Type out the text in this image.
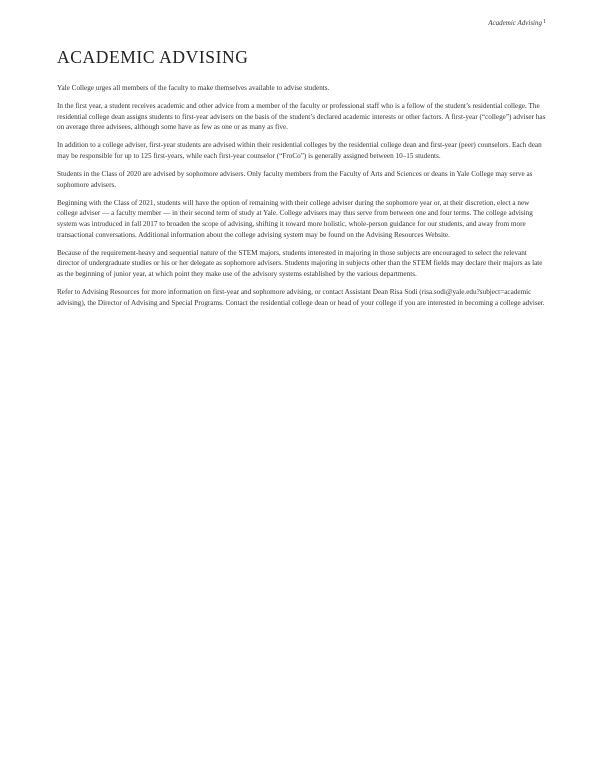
Academic Advising 1
ACADEMIC ADVISING

Yale College urges all members of the faculty to make themselves available to advise students.

In the first year, a student receives academic and other advice from a member of the faculty or professional staff who is a fellow of the student’s residential college. The residential college dean assigns students to first-year advisers on the basis of the student’s declared academic interests or other factors. A first-year (“college”) adviser has on average three advisees, although some have as few as one or as many as five.

In addition to a college adviser, first-year students are advised within their residential colleges by the residential college dean and first-year (peer) counselors. Each dean may be responsible for up to 125 first-years, while each first-year counselor (“FroCo”) is generally assigned between 10–15 students.

Students in the Class of 2020 are advised by sophomore advisers. Only faculty members from the Faculty of Arts and Sciences or deans in Yale College may serve as sophomore advisers.

Beginning with the Class of 2021, students will have the option of remaining with their college adviser during the sophomore year or, at their discretion, elect a new college adviser — a faculty member — in their second term of study at Yale. College advisers may thus serve from between one and four terms. The college advising system was introduced in fall 2017 to broaden the scope of advising, shifting it toward more holistic, whole-person guidance for our students, and away from more transactional conversations. Additional information about the college advising system may be found on the Advising Resources Website.

Because of the requirement-heavy and sequential nature of the STEM majors, students interested in majoring in those subjects are encouraged to select the relevant director of undergraduate studies or his or her delegate as sophomore advisers. Students majoring in subjects other than the STEM fields may declare their majors as late as the beginning of junior year, at which point they make use of the advisory systems established by the various departments.

Refer to Advising Resources for more information on first-year and sophomore advising, or contact Assistant Dean Risa Sodi (risa.sodi@yale.edu?subject=academic advising), the Director of Advising and Special Programs. Contact the residential college dean or head of your college if you are interested in becoming a college adviser.
